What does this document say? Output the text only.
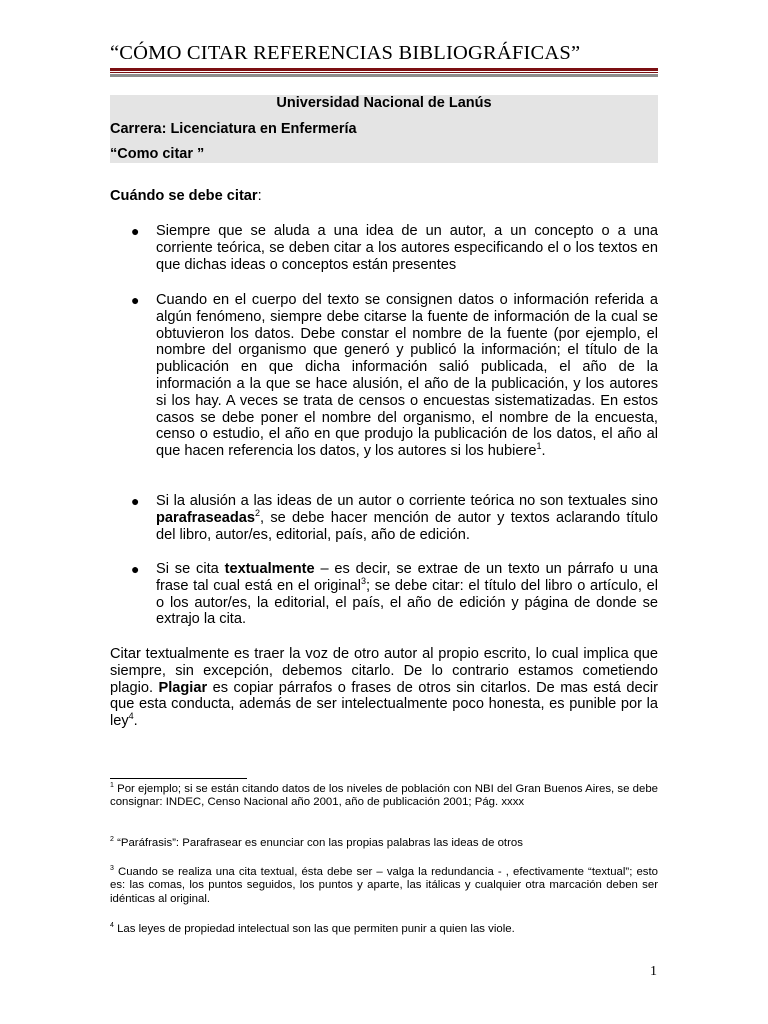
“CÓMO CITAR REFERENCIAS BIBLIOGRÁFICAS”
Universidad Nacional de Lanús
Carrera: Licenciatura en Enfermería
“Como citar ”
Cuándo se debe citar:
● Siempre que se aluda a una idea de un autor, a un concepto o a una corriente teórica, se deben citar a los autores especificando el o los textos en que dichas ideas o conceptos están presentes
● Cuando en el cuerpo del texto se consignen datos o información referida a algún fenómeno, siempre debe citarse la fuente de información de la cual se obtuvieron los datos. Debe constar el nombre de la fuente (por ejemplo, el nombre del organismo que generó y publicó la información; el título de la publicación en que dicha información salió publicada, el año de la información a la que se hace alusión, el año de la publicación, y los autores si los hay. A veces se trata de censos o encuestas sistematizadas. En estos casos se debe poner el nombre del organismo, el nombre de la encuesta, censo o estudio, el año en que produjo la publicación de los datos, el año al que hacen referencia los datos, y los autores si los hubiere$^1$.
● Si la alusión a las ideas de un autor o corriente teórica no son textuales sino parafraseadas$^2$, se debe hacer mención de autor y textos aclarando título del libro, autor/es, editorial, país, año de edición.
● Si se cita textualmente – es decir, se extrae de un texto un párrafo u una frase tal cual está en el original$^3$; se debe citar: el título del libro o artículo, el o los autor/es, la editorial, el país, el año de edición y página de donde se extrajo la cita.
Citar textualmente es traer la voz de otro autor al propio escrito, lo cual implica que siempre, sin excepción, debemos citarlo. De lo contrario estamos cometiendo plagio. Plagiar es copiar párrafos o frases de otros sin citarlos. De mas está decir que esta conducta, además de ser intelectualmente poco honesta, es punible por la ley$^4$.
$^1$ Por ejemplo; si se están citando datos de los niveles de población con NBI del Gran Buenos Aires, se debe consignar: INDEC, Censo Nacional año 2001, año de publicación 2001; Pág. xxxx
$^2$ “Paráfrasis”: Parafrasear es enunciar con las propias palabras las ideas de otros
$^3$ Cuando se realiza una cita textual, ésta debe ser – valga la redundancia - , efectivamente “textual”; esto es: las comas, los puntos seguidos, los puntos y aparte, las itálicas y cualquier otra marcación deben ser idénticas al original.
$^4$ Las leyes de propiedad intelectual son las que permiten punir a quien las viole.
1
